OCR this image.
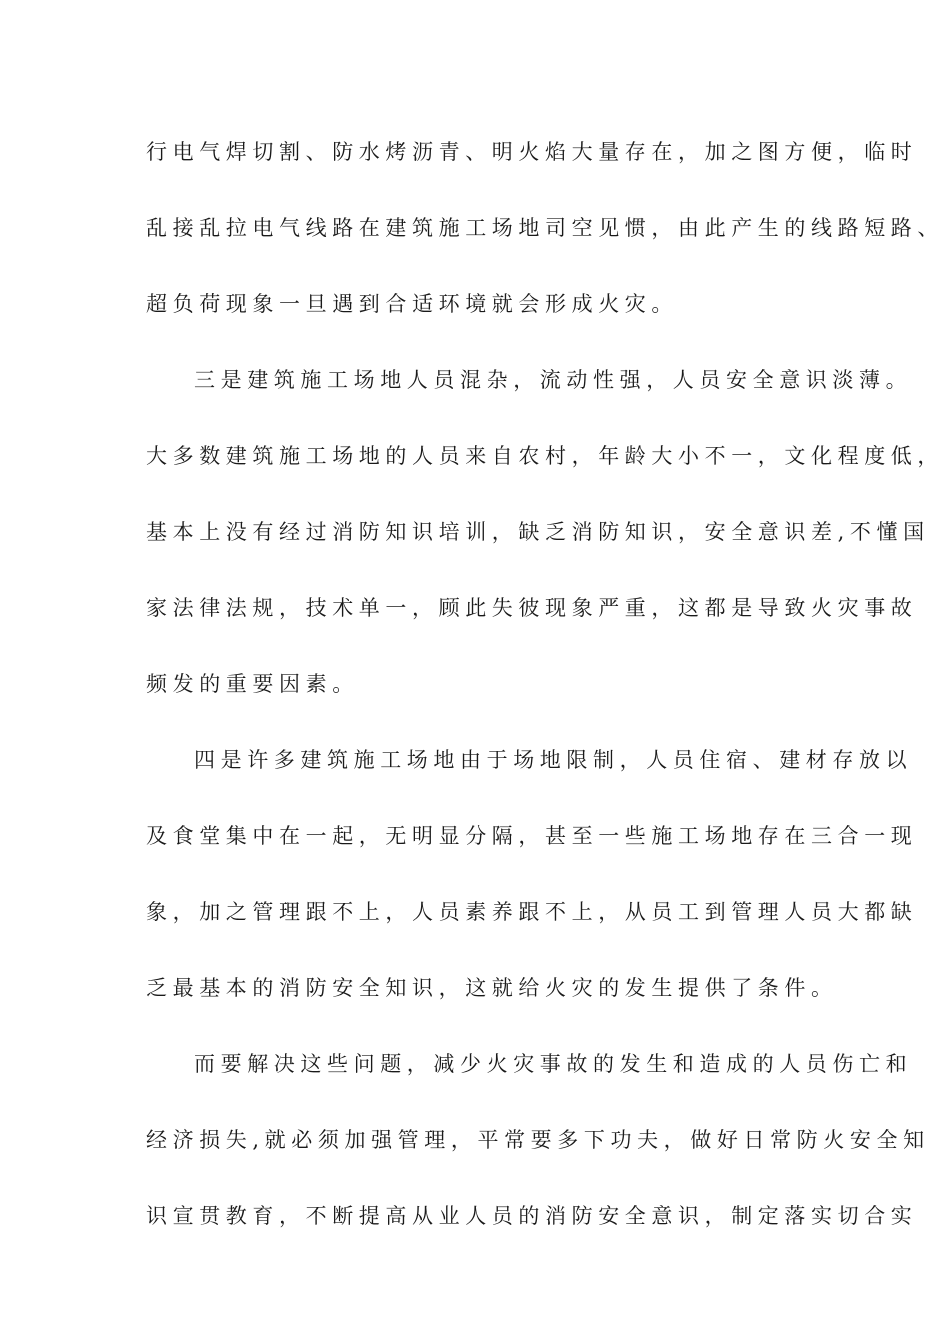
行电气焊切割、防水烤沥青、明火焰大量存在，加之图方便，临时
乱接乱拉电气线路在建筑施工场地司空见惯，由此产生的线路短路、
超负荷现象一旦遇到合适环境就会形成火灾。
三是建筑施工场地人员混杂，流动性强，人员安全意识淡薄。
大多数建筑施工场地的人员来自农村，年龄大小不一，文化程度低，
基本上没有经过消防知识培训，缺乏消防知识，安全意识差,不懂国
家法律法规，技术单一，顾此失彼现象严重，这都是导致火灾事故
频发的重要因素。
四是许多建筑施工场地由于场地限制，人员住宿、建材存放以
及食堂集中在一起，无明显分隔，甚至一些施工场地存在三合一现
象，加之管理跟不上，人员素养跟不上，从员工到管理人员大都缺
乏最基本的消防安全知识，这就给火灾的发生提供了条件。
而要解决这些问题，减少火灾事故的发生和造成的人员伤亡和
经济损失,就必须加强管理，平常要多下功夫，做好日常防火安全知
识宣贯教育，不断提高从业人员的消防安全意识，制定落实切合实
